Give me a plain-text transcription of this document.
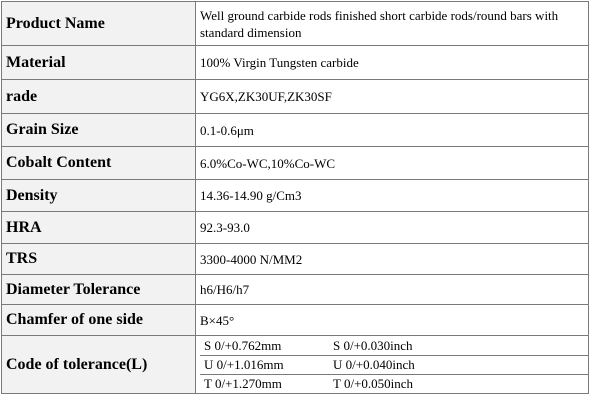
Product Name	Well ground carbide rods finished short carbide rods/round bars with standard dimension
Material	100% Virgin Tungsten carbide
rade	YG6X,ZK30UF,ZK30SF
Grain Size	0.1-0.6μm
Cobalt Content	6.0%Co-WC,10%Co-WC
Density	14.36-14.90 g/Cm3
HRA	92.3-93.0
TRS	3300-4000 N/MM2
Diameter Tolerance	h6/H6/h7
Chamfer of one side	B×45°
Code of tolerance(L)	S 0/+0.762mm S 0/+0.030inch
U 0/+1.016mm U 0/+0.040inch
T 0/+1.270mm T 0/+0.050inch
